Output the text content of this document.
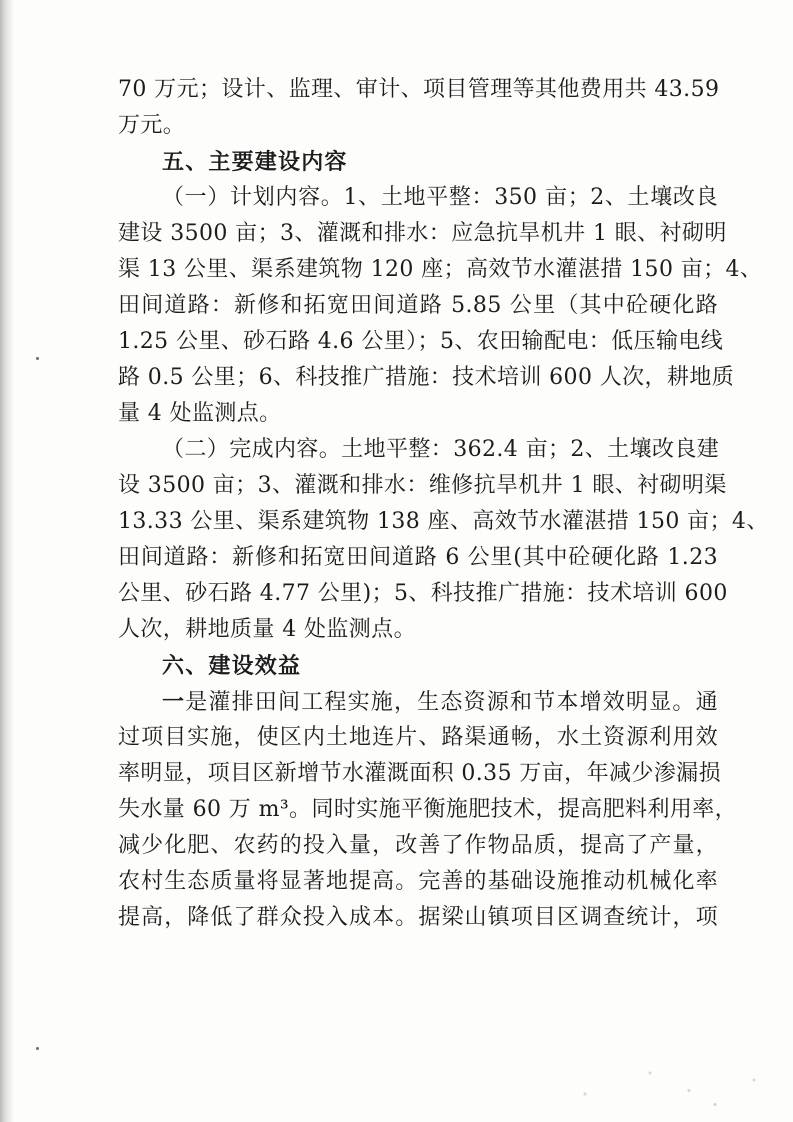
70 万元；设计、监理、审计、项目管理等其他费用共 43.59
万元。
五、主要建设内容
（一）计划内容。1、土地平整：350 亩；2、土壤改良
建设 3500 亩；3、灌溉和排水：应急抗旱机井 1 眼、衬砌明
渠 13 公里、渠系建筑物 120 座；高效节水灌湛措 150 亩；4、
田间道路：新修和拓宽田间道路 5.85 公里（其中砼硬化路
1.25 公里、砂石路 4.6 公里）；5、农田输配电：低压输电线
路 0.5 公里；6、科技推广措施：技术培训 600 人次，耕地质
量 4 处监测点。
（二）完成内容。土地平整：362.4 亩；2、土壤改良建
设 3500 亩；3、灌溉和排水：维修抗旱机井 1 眼、衬砌明渠
13.33 公里、渠系建筑物 138 座、高效节水灌湛措 150 亩；4、
田间道路：新修和拓宽田间道路 6 公里(其中砼硬化路 1.23
公里、砂石路 4.77 公里)；5、科技推广措施：技术培训 600
人次，耕地质量 4 处监测点。
六、建设效益
一是灌排田间工程实施，生态资源和节本增效明显。通
过项目实施，使区内土地连片、路渠通畅，水土资源利用效
率明显，项目区新增节水灌溉面积 0.35 万亩，年减少渗漏损
失水量 60 万 m³。同时实施平衡施肥技术，提高肥料利用率，
减少化肥、农药的投入量，改善了作物品质，提高了产量，
农村生态质量将显著地提高。完善的基础设施推动机械化率
提高，降低了群众投入成本。据梁山镇项目区调查统计，项
